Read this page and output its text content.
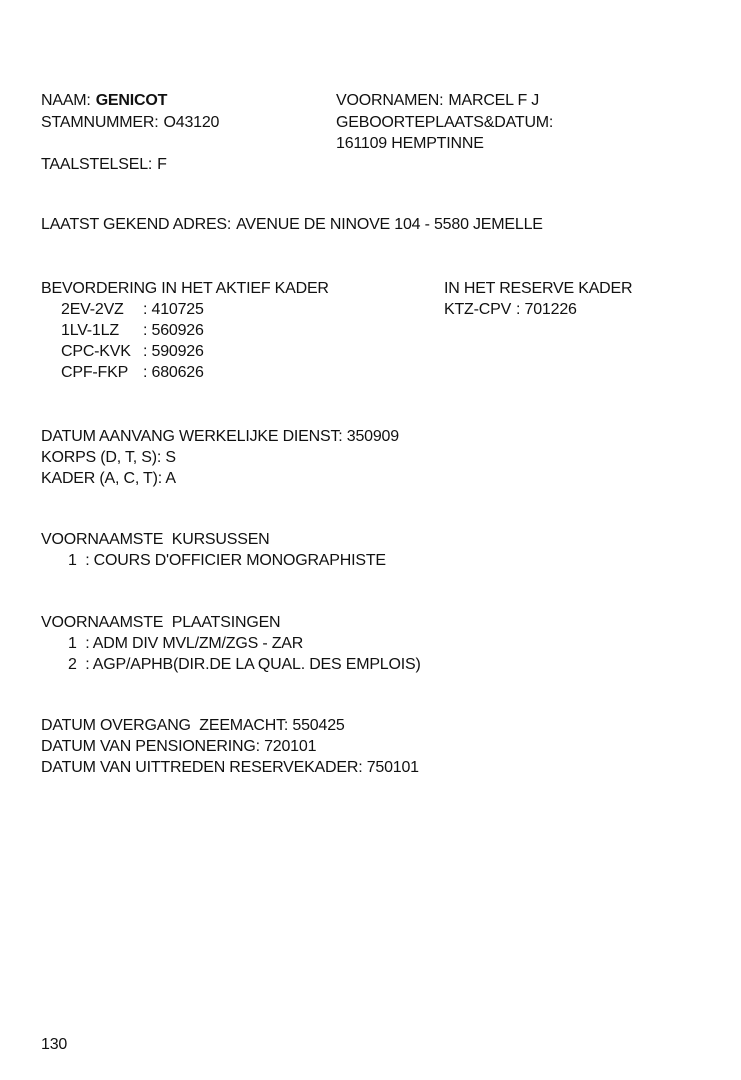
NAAM: GENICOT
STAMNUMMER: O43120
TAALSTELSEL: F
VOORNAMEN: MARCEL F J
GEBOORTEPLAATS&DATUM:
161109 HEMPTINNE
LAATST GEKEND ADRES: AVENUE DE NINOVE 104 - 5580 JEMELLE
BEVORDERING IN HET AKTIEF KADER
2EV-2VZ : 410725
1LV-1LZ : 560926
CPC-KVK : 590926
CPF-FKP : 680626
IN HET RESERVE KADER
KTZ-CPV : 701226
DATUM AANVANG WERKELIJKE DIENST: 350909
KORPS (D, T, S): S
KADER (A, C, T): A
VOORNAAMSTE  KURSUSSEN
1  : COURS D'OFFICIER MONOGRAPHISTE
VOORNAAMSTE  PLAATSINGEN
1  : ADM DIV MVL/ZM/ZGS - ZAR
2  : AGP/APHB(DIR.DE LA QUAL. DES EMPLOIS)
DATUM OVERGANG  ZEEMACHT: 550425
DATUM VAN PENSIONERING: 720101
DATUM VAN UITTREDEN RESERVEKADER: 750101
130
